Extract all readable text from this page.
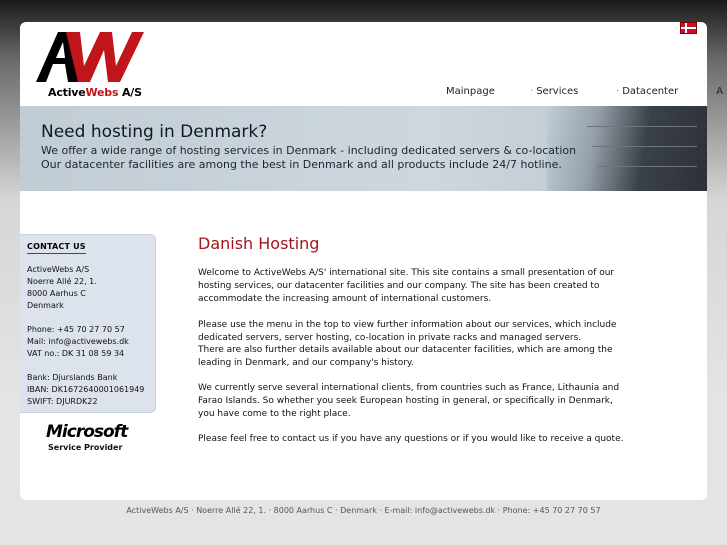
ActiveWebs A/S	Mainpage	· Services	· Datacenter	· A
Need hosting in Denmark?
We offer a wide range of hosting services in Denmark - including dedicated servers & co-location
Our datacenter facilities are among the best in Denmark and all products include 24/7 hotline.
CONTACT US
ActiveWebs A/S
Noerre Allé 22, 1.
8000 Aarhus C
Denmark
Phone: +45 70 27 70 57
Mail: info@activewebs.dk
VAT no.: DK 31 08 59 34
Bank: Djurslands Bank
IBAN: DK1672640001061949
SWIFT: DJURDK22
Microsoft
Service Provider
Danish Hosting
Welcome to ActiveWebs A/S' international site. This site contains a small presentation of our
hosting services, our datacenter facilities and our company. The site has been created to
accommodate the increasing amount of international customers.
Please use the menu in the top to view further information about our services, which include
dedicated servers, server hosting, co-location in private racks and managed servers.
There are also further details available about our datacenter facilities, which are among the
leading in Denmark, and our company's history.
We currently serve several international clients, from countries such as France, Lithaunia and
Farao Islands. So whether you seek European hosting in general, or specifically in Denmark,
you have come to the right place.
Please feel free to contact us if you have any questions or if you would like to receive a quote.
ActiveWebs A/S · Noerre Allé 22, 1. · 8000 Aarhus C · Denmark · E-mail: info@activewebs.dk · Phone: +45 70 27 70 57
